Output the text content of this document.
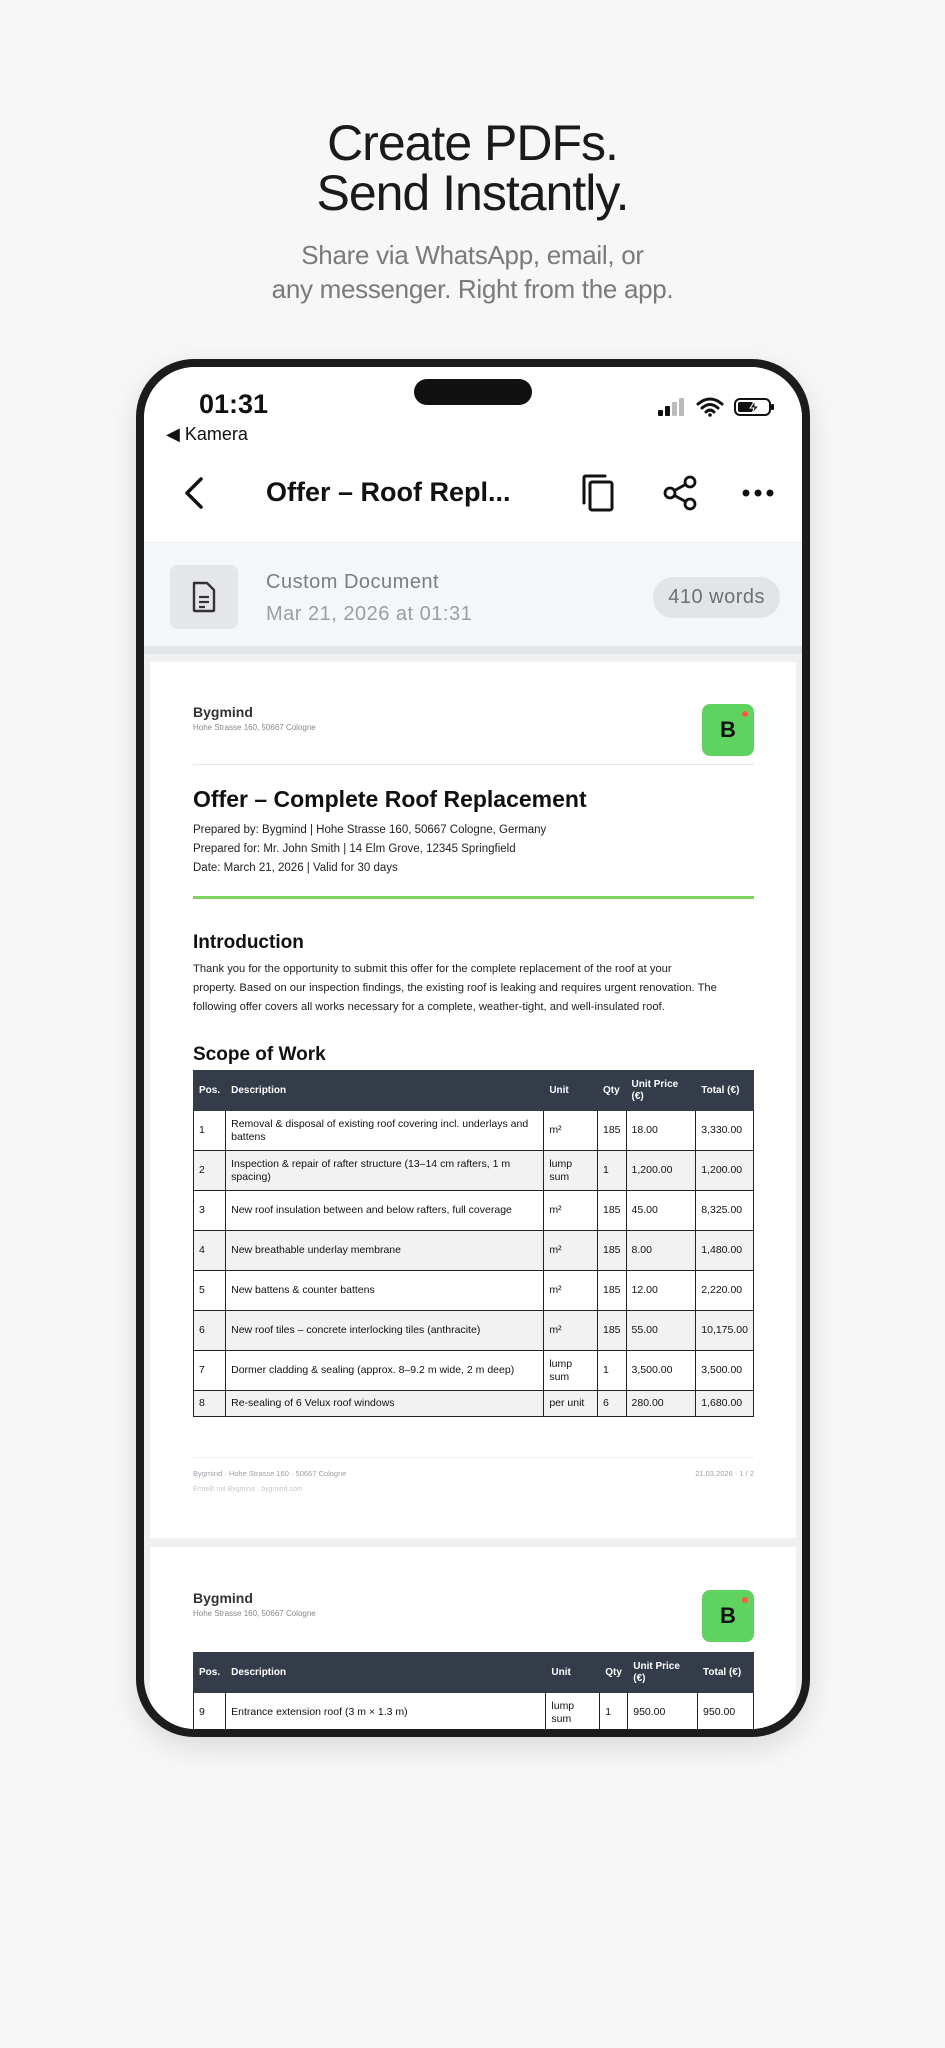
Create PDFs.
Send Instantly.

Share via WhatsApp, email, or
any messenger. Right from the app.

01:31
◀ Kamera
Offer – Roof Repl...
Custom Document
Mar 21, 2026 at 01:31
410 words
Bygmind
Hohe Strasse 160, 50667 Cologne	B
Offer – Complete Roof Replacement
Prepared by: Bygmind | Hohe Strasse 160, 50667 Cologne, Germany
Prepared for: Mr. John Smith | 14 Elm Grove, 12345 Springfield
Date: March 21, 2026 | Valid for 30 days
Introduction
Thank you for the opportunity to submit this offer for the complete replacement of the roof at your
property. Based on our inspection findings, the existing roof is leaking and requires urgent renovation. The
following offer covers all works necessary for a complete, weather-tight, and well-insulated roof.
Scope of Work
Pos.	Description	Unit	Qty	Unit Price (€)	Total (€)
1	Removal & disposal of existing roof covering incl. underlays and battens	m²	185	18.00	3,330.00
2	Inspection & repair of rafter structure (13–14 cm rafters, 1 m spacing)	lump sum	1	1,200.00	1,200.00
3	New roof insulation between and below rafters, full coverage	m²	185	45.00	8,325.00
4	New breathable underlay membrane	m²	185	8.00	1,480.00
5	New battens & counter battens	m²	185	12.00	2,220.00
6	New roof tiles – concrete interlocking tiles (anthracite)	m²	185	55.00	10,175.00
7	Dormer cladding & sealing (approx. 8–9.2 m wide, 2 m deep)	lump sum	1	3,500.00	3,500.00
8	Re-sealing of 6 Velux roof windows	per unit	6	280.00	1,680.00
Bygmind · Hohe Strasse 160 · 50667 Cologne	21.03.2026 · 1 / 2
Erstellt mit Bygmind · bygmind.com
Bygmind
Hohe Strasse 160, 50667 Cologne	B
Pos.	Description	Unit	Qty	Unit Price (€)	Total (€)
9	Entrance extension roof (3 m × 1.3 m)	lump sum	1	950.00	950.00
